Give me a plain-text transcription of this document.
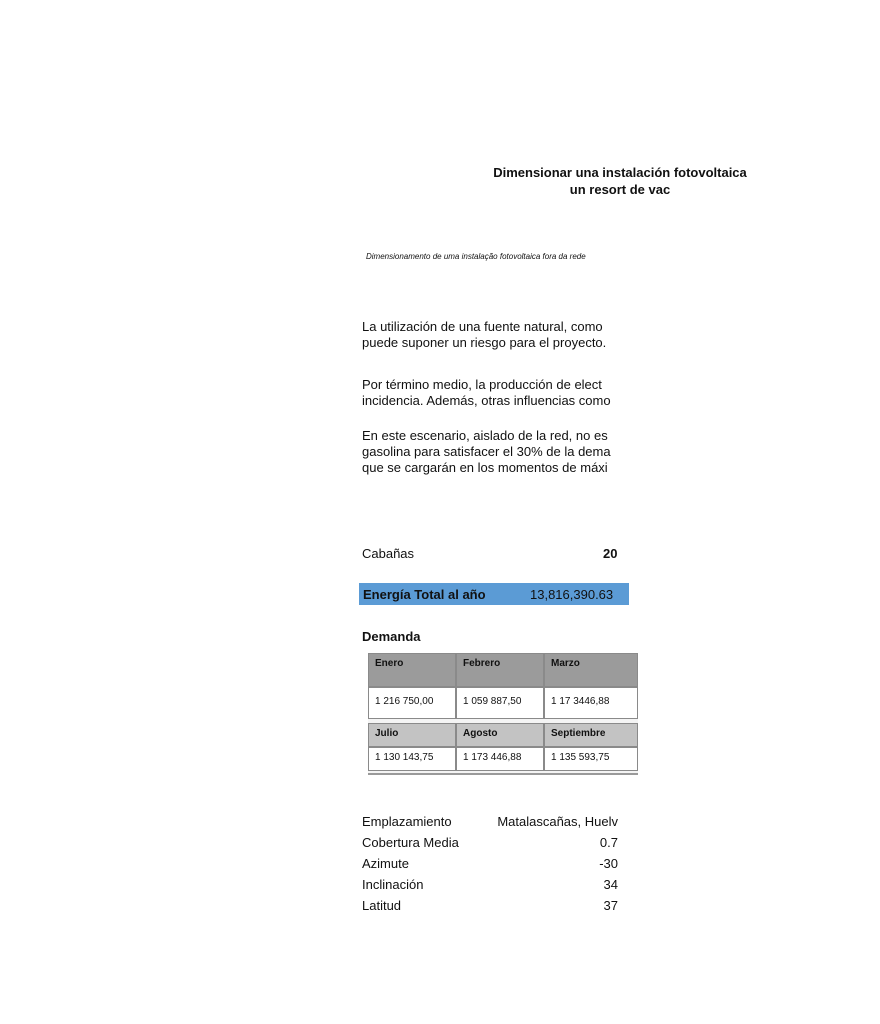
Dimensionar una instalación fotovoltaica
un resort de vac
Dimensionamento de uma instalação fotovoltaica fora da rede
La utilización de una fuente natural, como
puede suponer un riesgo para el proyecto.
Por término medio, la producción de elect
incidencia. Además, otras influencias como
En este escenario, aislado de la red, no es
gasolina para satisfacer el 30% de la dema
que se cargarán en los momentos de máxi
Cabañas	20
Energía Total al año	13,816,390.63
Demanda
Enero	Febrero	Marzo
1 216 750,00	1 059 887,50	1 17 3446,88
Julio	Agosto	Septiembre
1 130 143,75	1 173 446,88	1 135 593,75
Emplazamiento	Matalascañas, Huelv
Cobertura Media	0.7
Azimute	-30
Inclinación	34
Latitud	37
